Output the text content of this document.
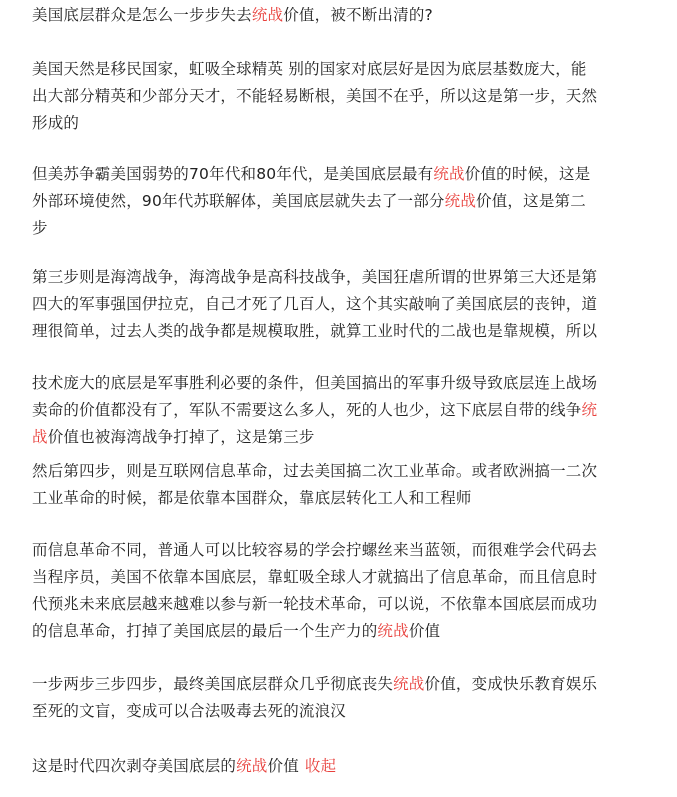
美国底层群众是怎么一步步失去统战价值，被不断出清的?

美国天然是移民国家，虹吸全球精英 别的国家对底层好是因为底层基数庞大，能
出大部分精英和少部分天才，不能轻易断根，美国不在乎，所以这是第一步，天然
形成的

但美苏争霸美国弱势的70年代和80年代，是美国底层最有统战价值的时候，这是
外部环境使然，90年代苏联解体，美国底层就失去了一部分统战价值，这是第二
步

第三步则是海湾战争，海湾战争是高科技战争，美国狂虐所谓的世界第三大还是第
四大的军事强国伊拉克，自己才死了几百人，这个其实敲响了美国底层的丧钟，道
理很简单，过去人类的战争都是规模取胜，就算工业时代的二战也是靠规模，所以

技术庞大的底层是军事胜利必要的条件，但美国搞出的军事升级导致底层连上战场
卖命的价值都没有了，军队不需要这么多人，死的人也少，这下底层自带的线争统
战价值也被海湾战争打掉了，这是第三步

然后第四步，则是互联网信息革命，过去美国搞二次工业革命。或者欧洲搞一二次
工业革命的时候，都是依靠本国群众，靠底层转化工人和工程师

而信息革命不同，普通人可以比较容易的学会拧螺丝来当蓝领，而很难学会代码去
当程序员，美国不依靠本国底层，靠虹吸全球人才就搞出了信息革命，而且信息时
代预兆未来底层越来越难以参与新一轮技术革命，可以说，不依靠本国底层而成功
的信息革命，打掉了美国底层的最后一个生产力的统战价值

一步两步三步四步，最终美国底层群众几乎彻底丧失统战价值，变成快乐教育娱乐
至死的文盲，变成可以合法吸毒去死的流浪汉

这是时代四次剥夺美国底层的统战价值 收起
